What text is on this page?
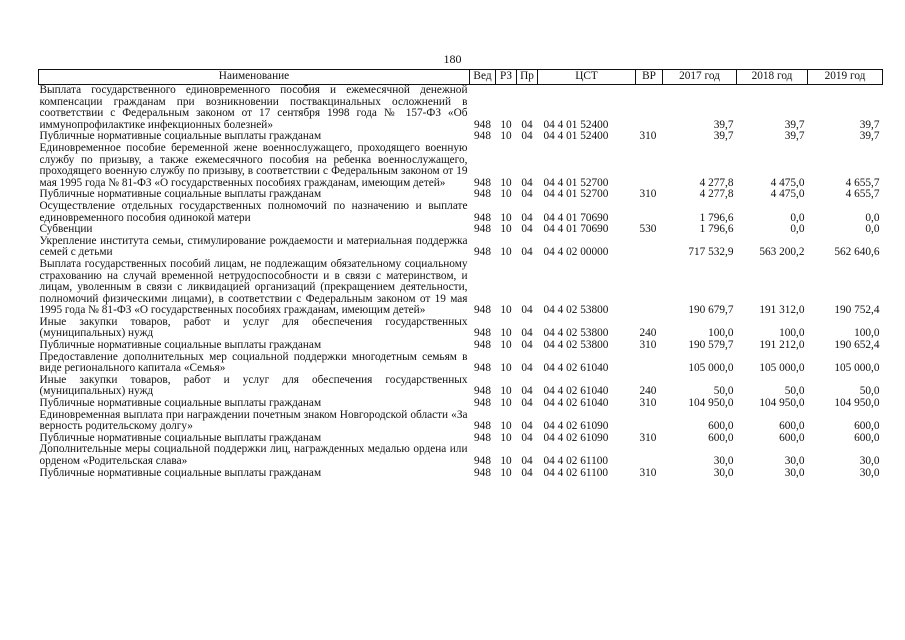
180
Наименование	Вед	РЗ	Пр	ЦСТ	ВР	2017 год	2018 год	2019 год
Выплата государственного единовременного пособия и ежемесячной денежной компенсации гражданам при возникновении поствакцинальных осложнений в соответствии с Федеральным законом от 17 сентября 1998 года № 157-ФЗ «Об иммунопрофилактике инфекционных болезней»	948	10	04	04 4 01 52400		39,7	39,7	39,7
Публичные нормативные социальные выплаты гражданам	948	10	04	04 4 01 52400	310	39,7	39,7	39,7
Единовременное пособие беременной жене военнослужащего, проходящего военную службу по призыву, а также ежемесячного пособия на ребенка военнослужащего, проходящего военную службу по призыву, в соответствии с Федеральным законом от 19 мая 1995 года № 81-ФЗ «О государственных пособиях гражданам, имеющим детей»	948	10	04	04 4 01 52700		4 277,8	4 475,0	4 655,7
Публичные нормативные социальные выплаты гражданам	948	10	04	04 4 01 52700	310	4 277,8	4 475,0	4 655,7
Осуществление отдельных государственных полномочий по назначению и выплате единовременного пособия одинокой матери	948	10	04	04 4 01 70690		1 796,6	0,0	0,0
Субвенции	948	10	04	04 4 01 70690	530	1 796,6	0,0	0,0
Укрепление института семьи, стимулирование рождаемости и материальная поддержка семей с детьми	948	10	04	04 4 02 00000		717 532,9	563 200,2	562 640,6
Выплата государственных пособий лицам, не подлежащим обязательному социальному страхованию на случай временной нетрудоспособности и в связи с материнством, и лицам, уволенным в связи с ликвидацией организаций (прекращением деятельности, полномочий физическими лицами), в соответствии с Федеральным законом от 19 мая 1995 года № 81-ФЗ «О государственных пособиях гражданам, имеющим детей»	948	10	04	04 4 02 53800		190 679,7	191 312,0	190 752,4
Иные закупки товаров, работ и услуг для обеспечения государственных (муниципальных) нужд	948	10	04	04 4 02 53800	240	100,0	100,0	100,0
Публичные нормативные социальные выплаты гражданам	948	10	04	04 4 02 53800	310	190 579,7	191 212,0	190 652,4
Предоставление дополнительных мер социальной поддержки многодетным семьям в виде регионального капитала «Семья»	948	10	04	04 4 02 61040		105 000,0	105 000,0	105 000,0
Иные закупки товаров, работ и услуг для обеспечения государственных (муниципальных) нужд	948	10	04	04 4 02 61040	240	50,0	50,0	50,0
Публичные нормативные социальные выплаты гражданам	948	10	04	04 4 02 61040	310	104 950,0	104 950,0	104 950,0
Единовременная выплата при награждении почетным знаком Новгородской области «За верность родительскому долгу»	948	10	04	04 4 02 61090		600,0	600,0	600,0
Публичные нормативные социальные выплаты гражданам	948	10	04	04 4 02 61090	310	600,0	600,0	600,0
Дополнительные меры социальной поддержки лиц, награжденных медалью ордена или орденом «Родительская слава»	948	10	04	04 4 02 61100		30,0	30,0	30,0
Публичные нормативные социальные выплаты гражданам	948	10	04	04 4 02 61100	310	30,0	30,0	30,0
